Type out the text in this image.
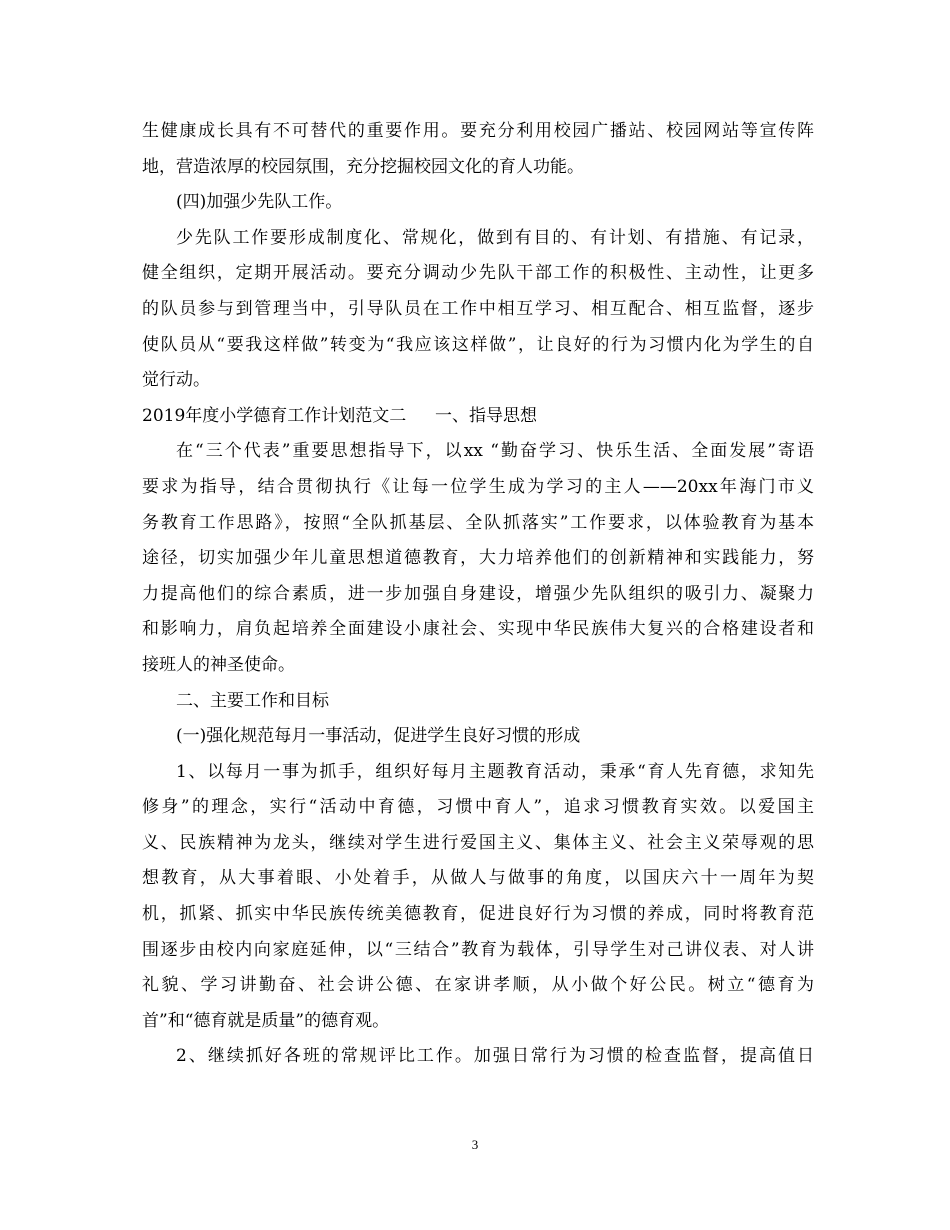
生健康成长具有不可替代的重要作用。要充分利用校园广播站、校园网站等宣传阵
地，营造浓厚的校园氛围，充分挖掘校园文化的育人功能。
(四)加强少先队工作。
少先队工作要形成制度化、常规化，做到有目的、有计划、有措施、有记录，
健全组织，定期开展活动。要充分调动少先队干部工作的积极性、主动性，让更多
的队员参与到管理当中，引导队员在工作中相互学习、相互配合、相互监督，逐步
使队员从“要我这样做”转变为“我应该这样做”，让良好的行为习惯内化为学生的自
觉行动。
2019年度小学德育工作计划范文二 一、指导思想
在“三个代表”重要思想指导下，以xx “勤奋学习、快乐生活、全面发展”寄语
要求为指导，结合贯彻执行《让每一位学生成为学习的主人——20xx年海门市义
务教育工作思路》，按照“全队抓基层、全队抓落实”工作要求，以体验教育为基本
途径，切实加强少年儿童思想道德教育，大力培养他们的创新精神和实践能力，努
力提高他们的综合素质，进一步加强自身建设，增强少先队组织的吸引力、凝聚力
和影响力，肩负起培养全面建设小康社会、实现中华民族伟大复兴的合格建设者和
接班人的神圣使命。
二、主要工作和目标
(一)强化规范每月一事活动，促进学生良好习惯的形成
1、以每月一事为抓手，组织好每月主题教育活动，秉承“育人先育德，求知先
修身”的理念，实行“活动中育德，习惯中育人”，追求习惯教育实效。以爱国主
义、民族精神为龙头，继续对学生进行爱国主义、集体主义、社会主义荣辱观的思
想教育，从大事着眼、小处着手，从做人与做事的角度，以国庆六十一周年为契
机，抓紧、抓实中华民族传统美德教育，促进良好行为习惯的养成，同时将教育范
围逐步由校内向家庭延伸，以“三结合”教育为载体，引导学生对己讲仪表、对人讲
礼貌、学习讲勤奋、社会讲公德、在家讲孝顺，从小做个好公民。树立“德育为
首”和“德育就是质量”的德育观。
2、继续抓好各班的常规评比工作。加强日常行为习惯的检查监督，提高值日
3
